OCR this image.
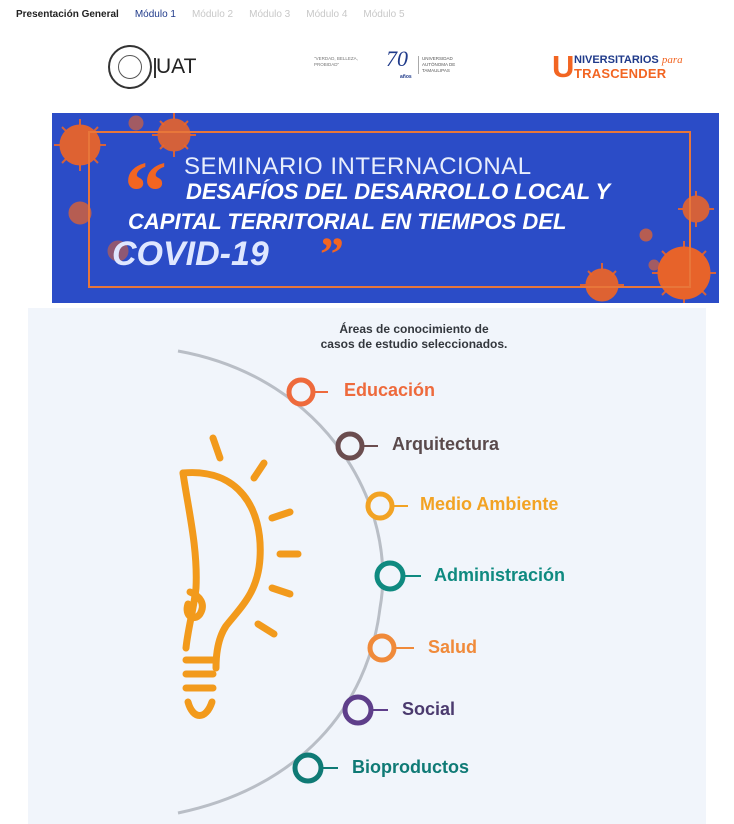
Presentación General	Módulo 1	Módulo 2	Módulo 3	Módulo 4	Módulo 5
UAT	"VERDAD, BELLEZA, PROBIDAD"	70
años
UNIVERSIDAD AUTÓNOMA DE TAMAULIPAS	U NIVERSITARIOS para
TRASCENDER
“ SEMINARIO INTERNACIONAL
DESAFÍOS DEL DESARROLLO LOCAL Y
CAPITAL TERRITORIAL EN TIEMPOS DEL
COVID-19 ”
Áreas de conocimiento de
casos de estudio seleccionados.
Educación
Arquitectura
Medio Ambiente
Administración
Salud
Social
Bioproductos
